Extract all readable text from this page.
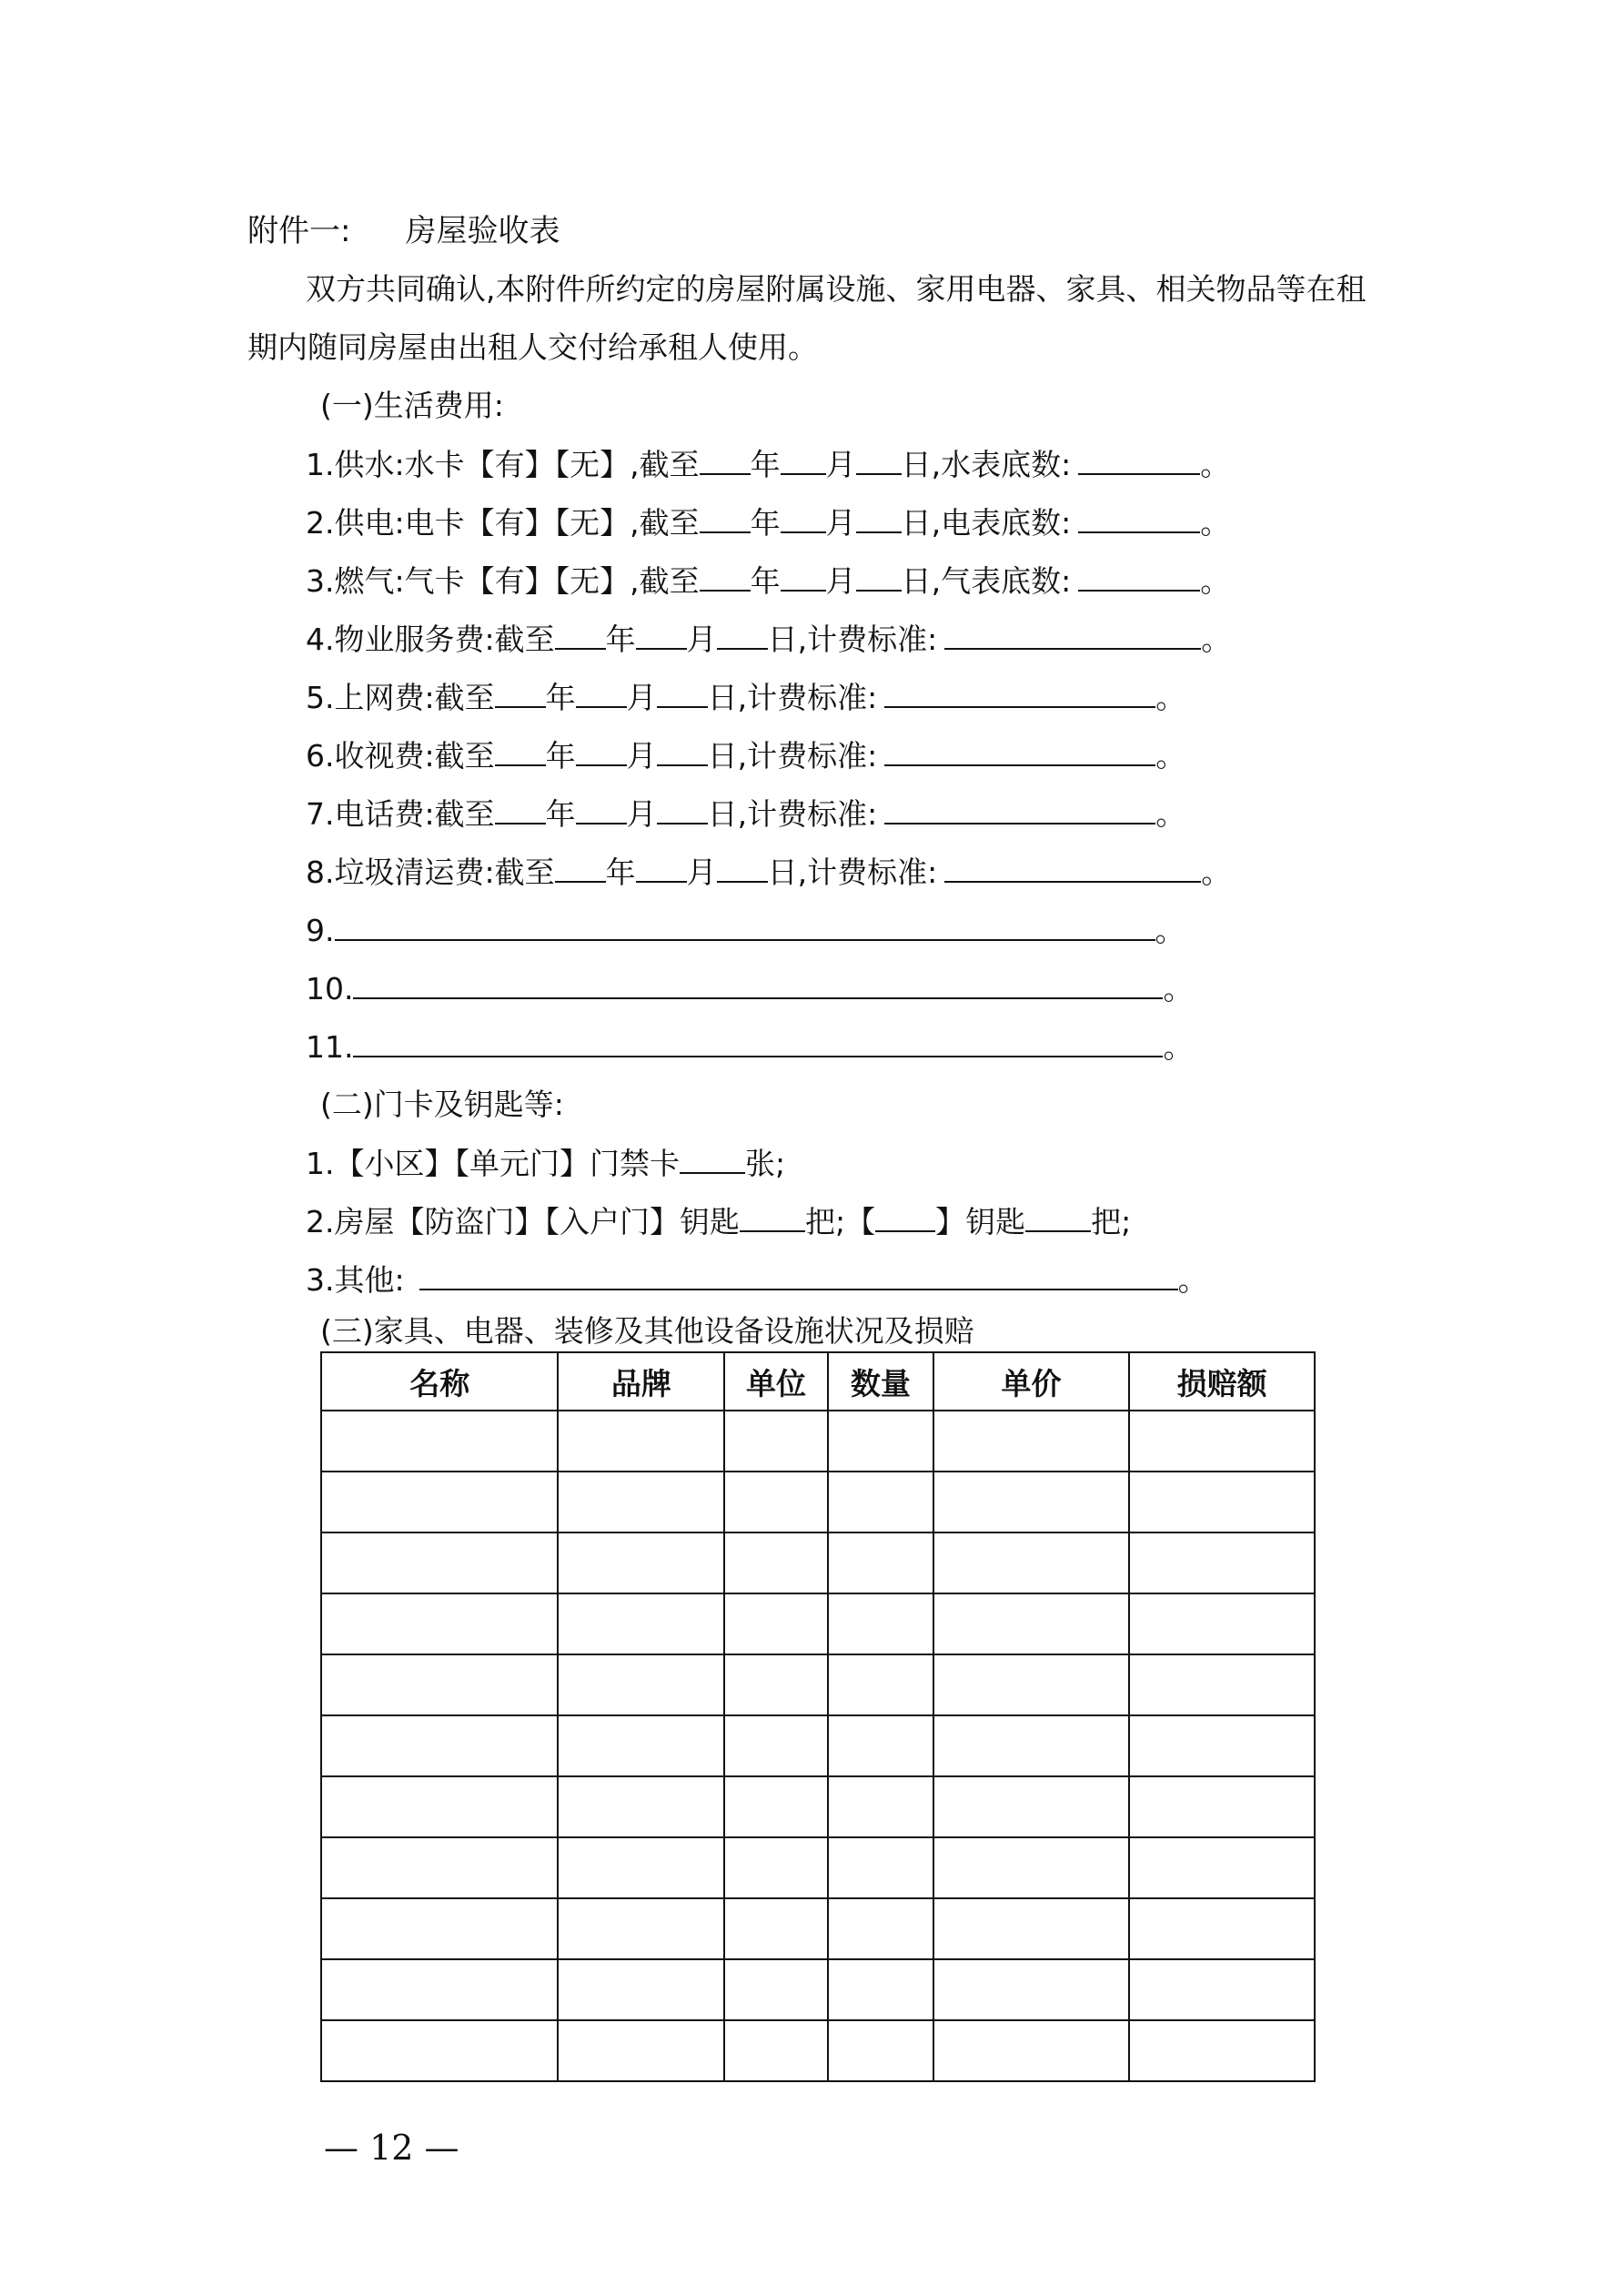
附件一: 房屋验收表
双方共同确认,本附件所约定的房屋附属设施、家用电器、家具、相关物品等在租
期内随同房屋由出租人交付给承租人使用。
(一)生活费用:
1.供水:水卡【有】【无】,截至 年 月 日,水表底数:	。
2.供电:电卡【有】【无】,截至 年 月 日,电表底数:	。
3.燃气:气卡【有】【无】,截至 年 月 日,气表底数:	。
4.物业服务费:截至 年 月 日,计费标准:	。
5.上网费:截至 年 月 日,计费标准:	。
6.收视费:截至 年 月 日,计费标准:	。
7.电话费:截至 年 月 日,计费标准:	。
8.垃圾清运费:截至 年 月 日,计费标准:	。
9.	。
10.	。
11.	。
(二)门卡及钥匙等:
1.【小区】【单元门】门禁卡 张;
2.房屋【防盗门】【入户门】钥匙 把;【 】钥匙 把;
3.其他:	。
(三)家具、电器、装修及其他设备设施状况及损赔
名称	品牌	单位	数量	单价	损赔额

— 12 —
